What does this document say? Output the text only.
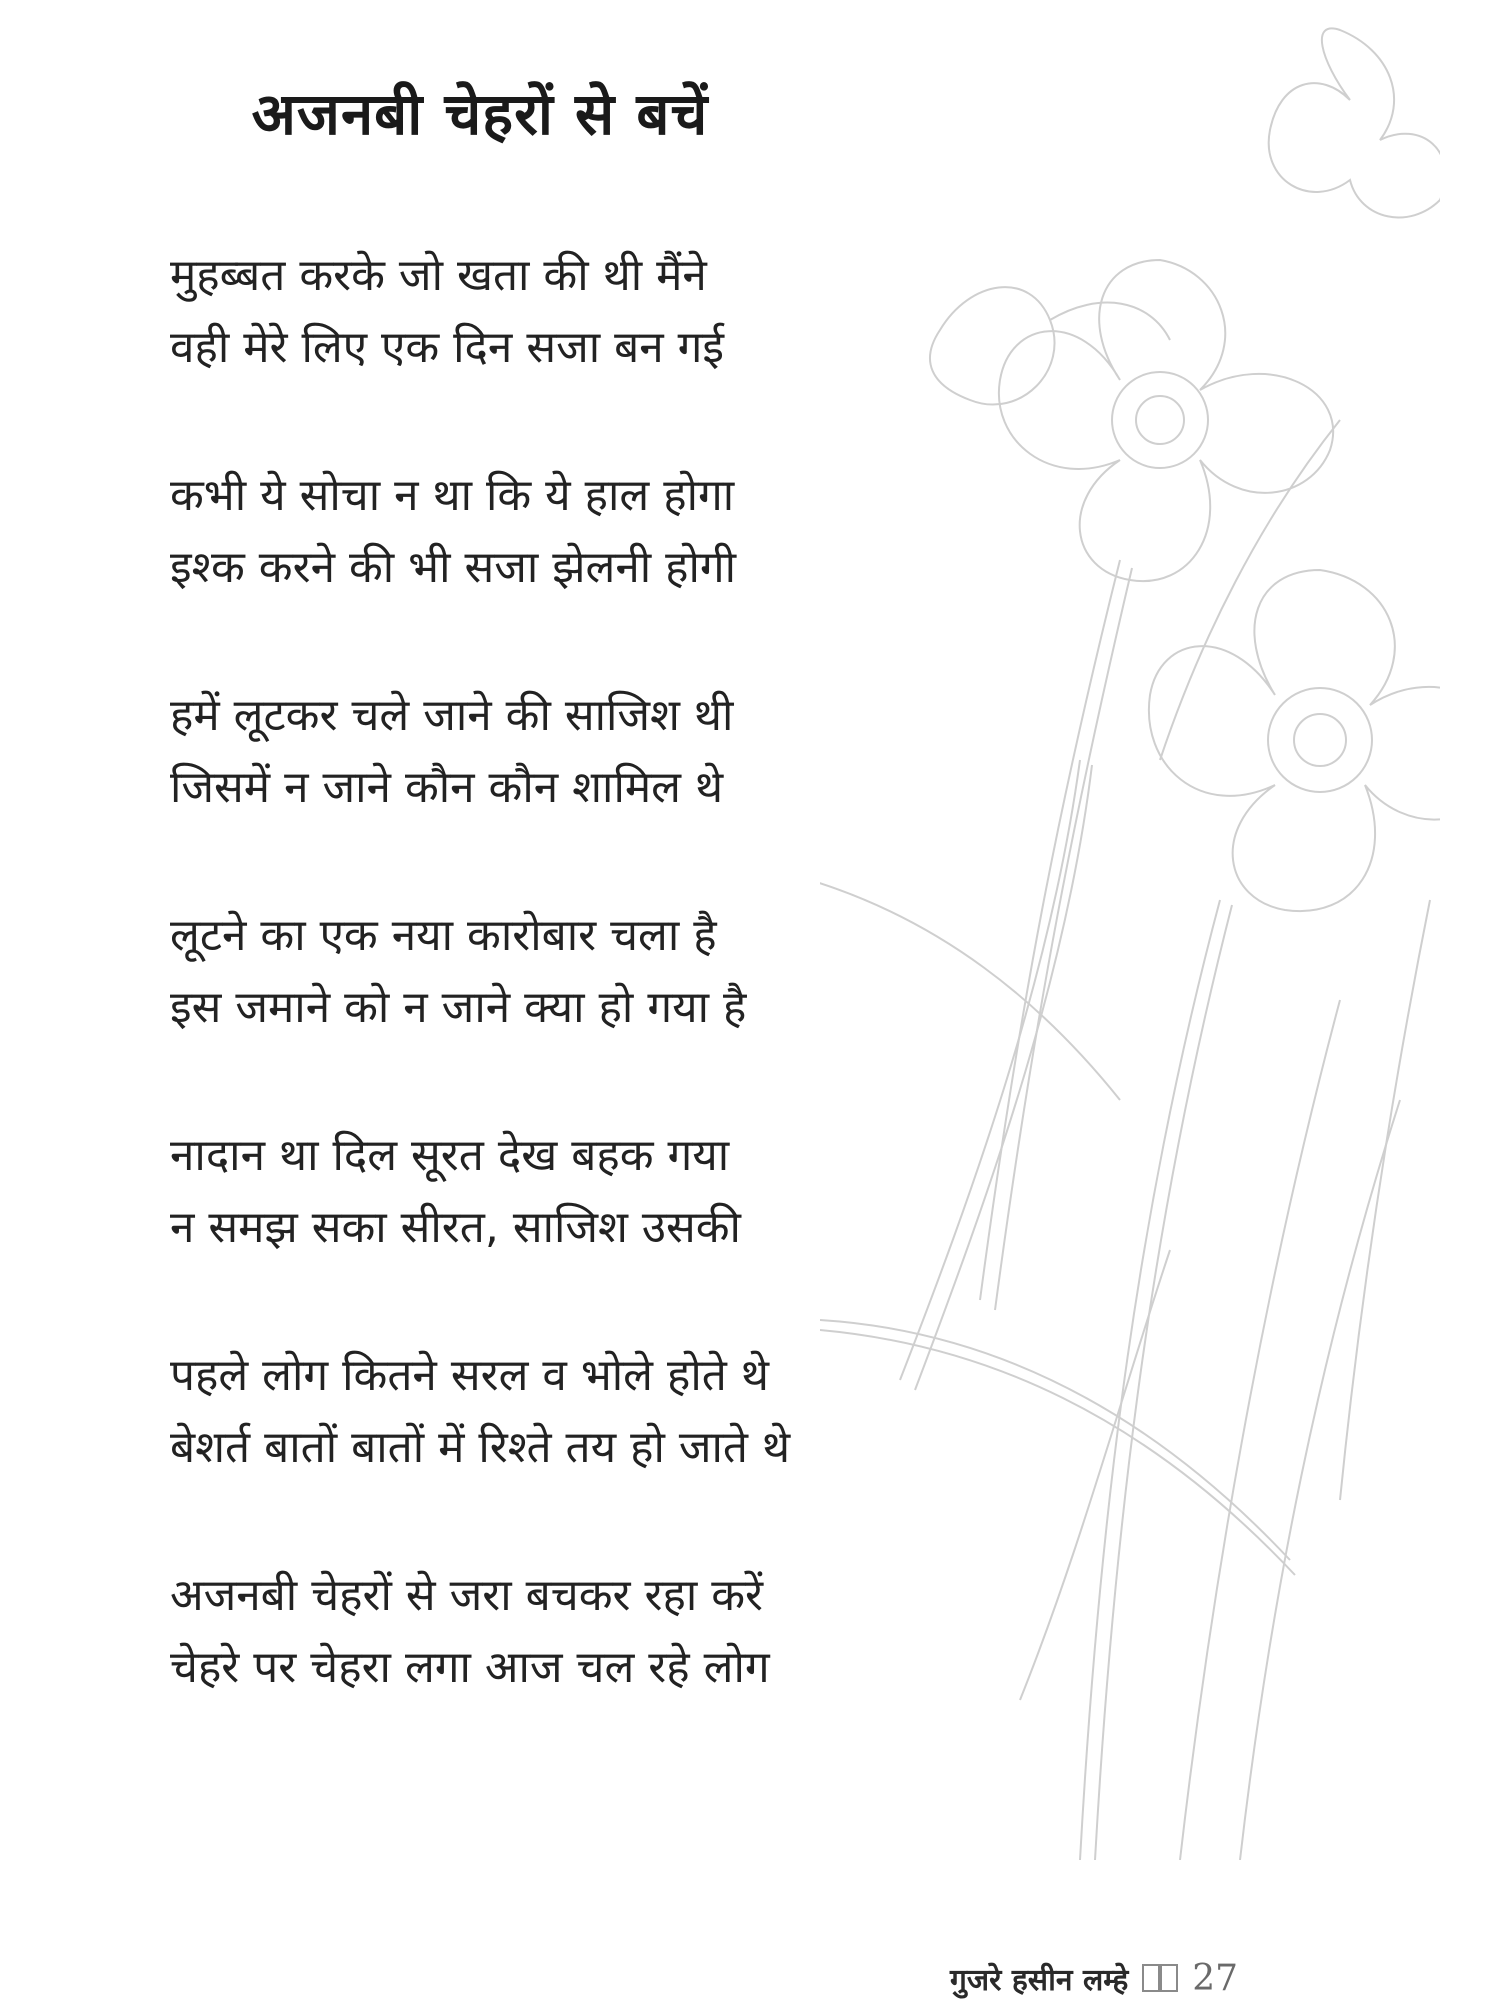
अजनबी चेहरों से बचें
मुहब्बत करके जो खता की थी मैंने
वही मेरे लिए एक दिन सजा बन गई
कभी ये सोचा न था कि ये हाल होगा
इश्क करने की भी सजा झेलनी होगी
हमें लूटकर चले जाने की साजिश थी
जिसमें न जाने कौन कौन शामिल थे
लूटने का एक नया कारोबार चला है
इस जमाने को न जाने क्या हो गया है
नादान था दिल सूरत देख बहक गया
न समझ सका सीरत, साजिश उसकी
पहले लोग कितने सरल व भोले होते थे
बेशर्त बातों बातों में रिश्ते तय हो जाते थे
अजनबी चेहरों से जरा बचकर रहा करें
चेहरे पर चेहरा लगा आज चल रहे लोग
गुजरे हसीन लम्हे 27
